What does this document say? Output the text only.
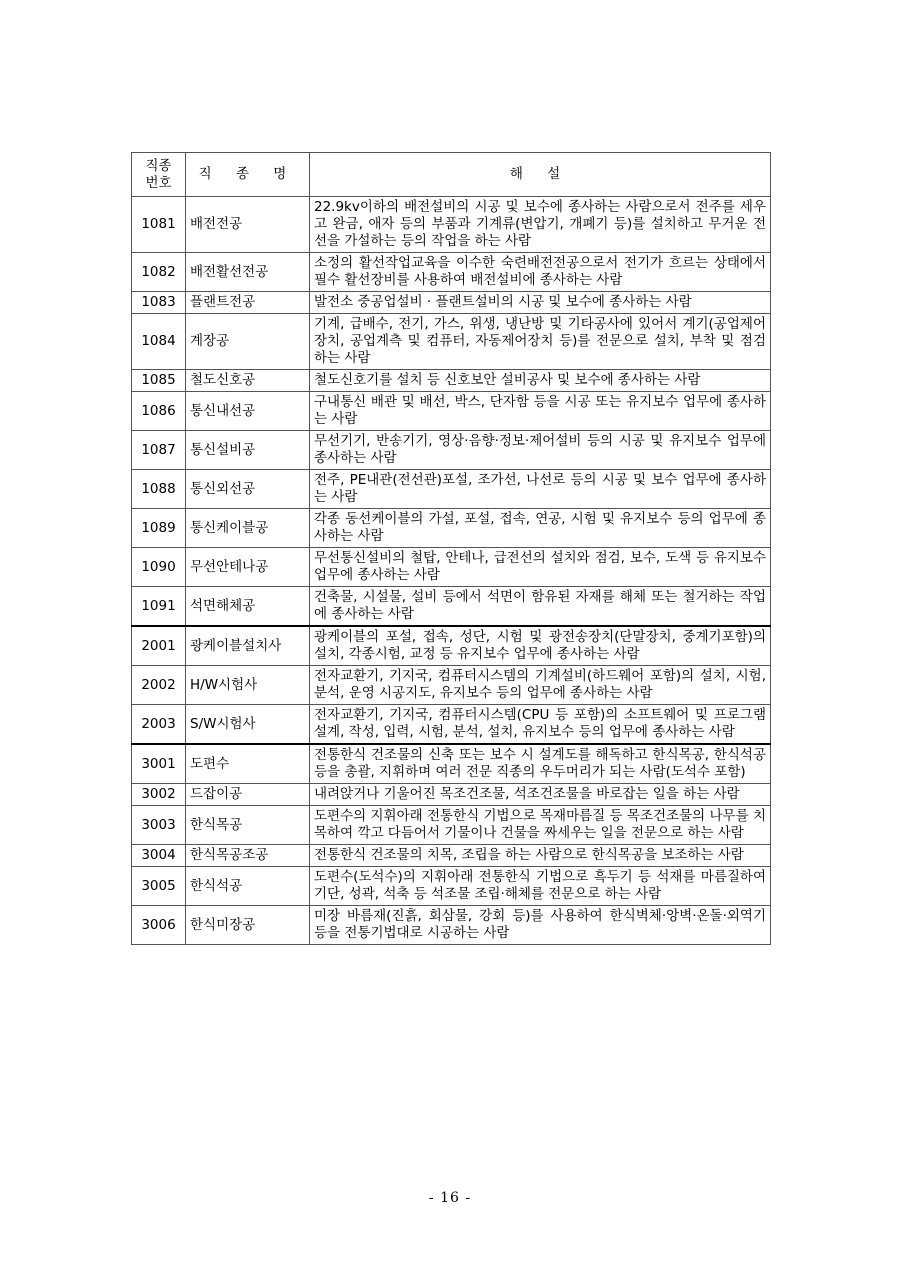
직종
번호	직 종 명	해 설
1081	배전전공	22.9kv이하의 배전설비의 시공 및 보수에 종사하는 사람으로서 전주를 세우고 완금, 애자 등의 부품과 기계류(변압기, 개폐기 등)를 설치하고 무거운 전선을 가설하는 등의 작업을 하는 사람
1082	배전활선전공	소정의 활선작업교육을 이수한 숙련배전전공으로서 전기가 흐르는 상태에서 필수 활선장비를 사용하여 배전설비에 종사하는 사람
1083	플랜트전공	발전소 중공업설비 · 플랜트설비의 시공 및 보수에 종사하는 사람
1084	계장공	기계, 급배수, 전기, 가스, 위생, 냉난방 및 기타공사에 있어서 계기(공업제어장치, 공업계측 및 컴퓨터, 자동제어장치 등)를 전문으로 설치, 부착 및 점검하는 사람
1085	철도신호공	철도신호기를 설치 등 신호보안 설비공사 및 보수에 종사하는 사람
1086	통신내선공	구내통신 배관 및 배선, 박스, 단자함 등을 시공 또는 유지보수 업무에 종사하는 사람
1087	통신설비공	무선기기, 반송기기, 영상·음향·정보·제어설비 등의 시공 및 유지보수 업무에 종사하는 사람
1088	통신외선공	전주, PE내관(전선관)포설, 조가선, 나선로 등의 시공 및 보수 업무에 종사하는 사람
1089	통신케이블공	각종 동선케이블의 가설, 포설, 접속, 연공, 시험 및 유지보수 등의 업무에 종사하는 사람
1090	무선안테나공	무선통신설비의 철탑, 안테나, 급전선의 설치와 점검, 보수, 도색 등 유지보수 업무에 종사하는 사람
1091	석면해체공	건축물, 시설물, 설비 등에서 석면이 함유된 자재를 해체 또는 철거하는 작업에 종사하는 사람
2001	광케이블설치사	광케이블의 포설, 접속, 성단, 시험 및 광전송장치(단말장치, 중계기포함)의 설치, 각종시험, 교정 등 유지보수 업무에 종사하는 사람
2002	H/W시험사	전자교환기, 기지국, 컴퓨터시스템의 기계설비(하드웨어 포함)의 설치, 시험, 분석, 운영 시공지도, 유지보수 등의 업무에 종사하는 사람
2003	S/W시험사	전자교환기, 기지국, 컴퓨터시스템(CPU 등 포함)의 소프트웨어 및 프로그램 설계, 작성, 입력, 시험, 분석, 설치, 유지보수 등의 업무에 종사하는 사람
3001	도편수	전통한식 건조물의 신축 또는 보수 시 설계도를 해독하고 한식목공, 한식석공 등을 총괄, 지휘하며 여러 전문 직종의 우두머리가 되는 사람(도석수 포함)
3002	드잡이공	내려앉거나 기울어진 목조건조물, 석조건조물을 바로잡는 일을 하는 사람
3003	한식목공	도편수의 지휘아래 전통한식 기법으로 목재마름질 등 목조건조물의 나무를 치목하여 깍고 다듬어서 기물이나 건물을 짜세우는 일을 전문으로 하는 사람
3004	한식목공조공	전통한식 건조물의 치목, 조립을 하는 사람으로 한식목공을 보조하는 사람
3005	한식석공	도편수(도석수)의 지휘아래 전통한식 기법으로 흑두기 등 석재를 마름질하여 기단, 성곽, 석축 등 석조물 조립·해체를 전문으로 하는 사람
3006	한식미장공	미장 바름재(진흙, 회삼물, 강회 등)를 사용하여 한식벽체·앙벽·온돌·외역기 등을 전통기법대로 시공하는 사람
- 16 -
